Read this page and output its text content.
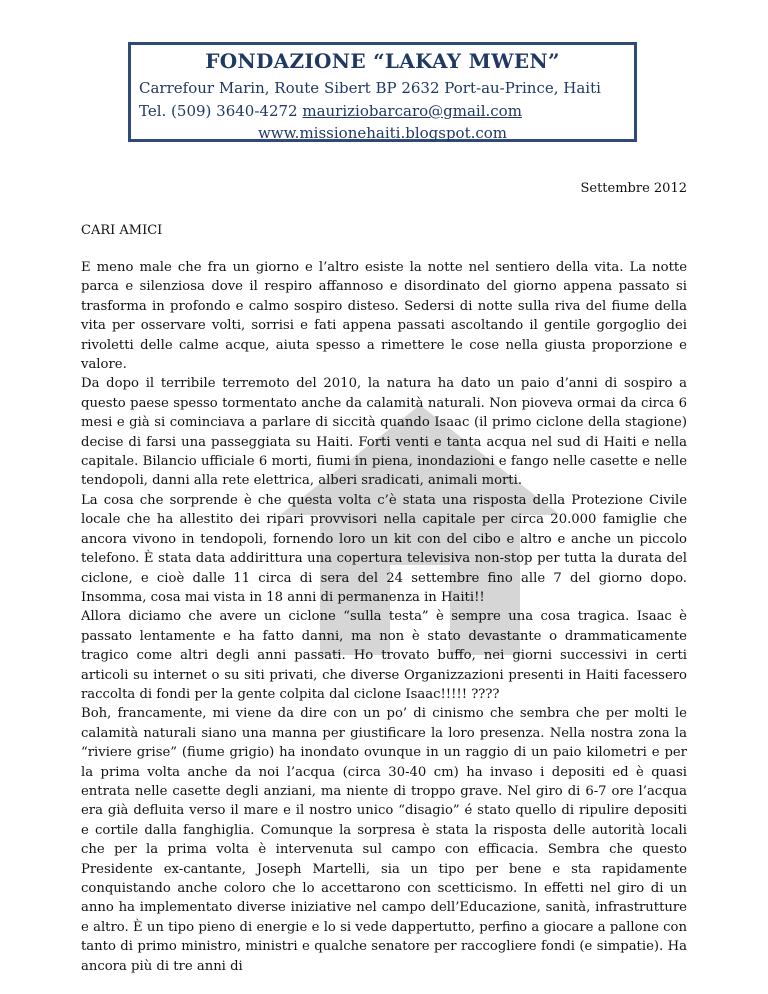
FONDAZIONE “LAKAY MWEN”
Carrefour Marin, Route Sibert BP 2632 Port-au-Prince, Haiti
Tel. (509) 3640-4272 mauriziobarcaro@gmail.com
www.missionehaiti.blogspot.com
Settembre 2012
CARI AMICI

E meno male che fra un giorno e l’altro esiste la notte nel sentiero della vita. La notte parca e silenziosa dove il respiro affannoso e disordinato del giorno appena passato si trasforma in profondo e calmo sospiro disteso. Sedersi di notte sulla riva del fiume della vita per osservare volti, sorrisi e fati appena passati ascoltando il gentile gorgoglio dei rivoletti delle calme acque, aiuta spesso a rimettere le cose nella giusta proporzione e valore.

Da dopo il terribile terremoto del 2010, la natura ha dato un paio d’anni di sospiro a questo paese spesso tormentato anche da calamità naturali. Non pioveva ormai da circa 6 mesi e già si cominciava a parlare di siccità quando Isaac (il primo ciclone della stagione) decise di farsi una passeggiata su Haiti. Forti venti e tanta acqua nel sud di Haiti e nella capitale. Bilancio ufficiale 6 morti, fiumi in piena, inondazioni e fango nelle casette e nelle tendopoli, danni alla rete elettrica, alberi sradicati, animali morti.

La cosa che sorprende è che questa volta c’è stata una risposta della Protezione Civile locale che ha allestito dei ripari provvisori nella capitale per circa 20.000 famiglie che ancora vivono in tendopoli, fornendo loro un kit con del cibo e altro e anche un piccolo telefono. È stata data addirittura una copertura televisiva non-stop per tutta la durata del ciclone, e cioè dalle 11 circa di sera del 24 settembre fino alle 7 del giorno dopo. Insomma, cosa mai vista in 18 anni di permanenza in Haiti!!

Allora diciamo che avere un ciclone “sulla testa” è sempre una cosa tragica. Isaac è passato lentamente e ha fatto danni, ma non è stato devastante o drammaticamente tragico come altri degli anni passati. Ho trovato buffo, nei giorni successivi in certi articoli su internet o su siti privati, che diverse Organizzazioni presenti in Haiti facessero raccolta di fondi per la gente colpita dal ciclone Isaac!!!!! ????

Boh, francamente, mi viene da dire con un po’ di cinismo che sembra che per molti le calamità naturali siano una manna per giustificare la loro presenza. Nella nostra zona la “riviere grise” (fiume grigio) ha inondato ovunque in un raggio di un paio kilometri e per la prima volta anche da noi l’acqua (circa 30-40 cm) ha invaso i depositi ed è quasi entrata nelle casette degli anziani, ma niente di troppo grave. Nel giro di 6-7 ore l’acqua era già defluita verso il mare e il nostro unico “disagio” é stato quello di ripulire depositi e cortile dalla fanghiglia. Comunque la sorpresa è stata la risposta delle autorità locali che per la prima volta è intervenuta sul campo con efficacia. Sembra che questo Presidente ex-cantante, Joseph Martelli, sia un tipo per bene e sta rapidamente conquistando anche coloro che lo accettarono con scetticismo. In effetti nel giro di un anno ha implementato diverse iniziative nel campo dell’Educazione, sanità, infrastrutture e altro. È un tipo pieno di energie e lo si vede dappertutto, perfino a giocare a pallone con tanto di primo ministro, ministri e qualche senatore per raccogliere fondi (e simpatie). Ha ancora più di tre anni di
